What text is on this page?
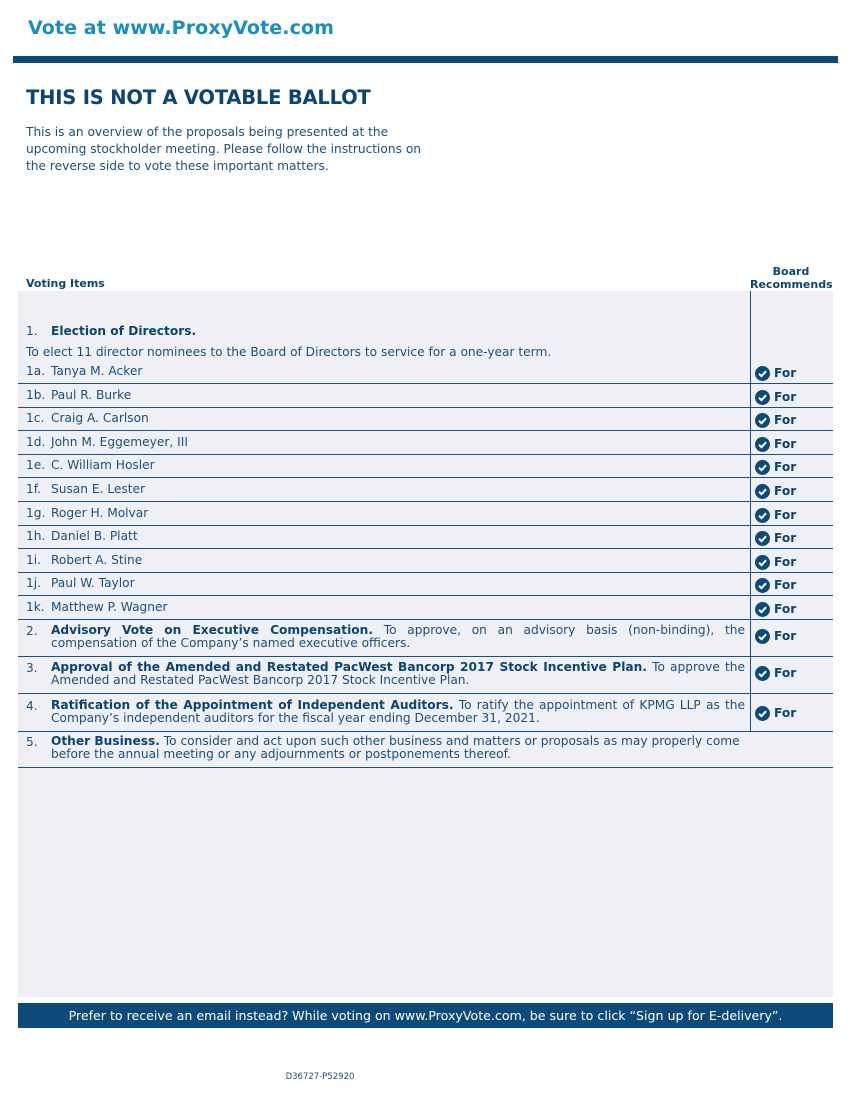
Vote at www.ProxyVote.com
THIS IS NOT A VOTABLE BALLOT
This is an overview of the proposals being presented at the
upcoming stockholder meeting. Please follow the instructions on
the reverse side to vote these important matters.
Voting Items
Board
Recommends
1. Election of Directors.
To elect 11 director nominees to the Board of Directors to service for a one-year term.
1a. Tanya M. Acker	For
1b. Paul R. Burke	For
1c. Craig A. Carlson	For
1d. John M. Eggemeyer, III	For
1e. C. William Hosler	For
1f. Susan E. Lester	For
1g. Roger H. Molvar	For
1h. Daniel B. Platt	For
1i. Robert A. Stine	For
1j. Paul W. Taylor	For
1k. Matthew P. Wagner	For
2. Advisory Vote on Executive Compensation. To approve, on an advisory basis (non-binding), the compensation of the Company’s named executive officers.	For
3. Approval of the Amended and Restated PacWest Bancorp 2017 Stock Incentive Plan. To approve the Amended and Restated PacWest Bancorp 2017 Stock Incentive Plan.	For
4. Ratification of the Appointment of Independent Auditors. To ratify the appointment of KPMG LLP as the Company’s independent auditors for the fiscal year ending December 31, 2021.	For
5. Other Business. To consider and act upon such other business and matters or proposals as may properly come before the annual meeting or any adjournments or postponements thereof.
Prefer to receive an email instead? While voting on www.ProxyVote.com, be sure to click “Sign up for E-delivery”.
D36727-P52920
